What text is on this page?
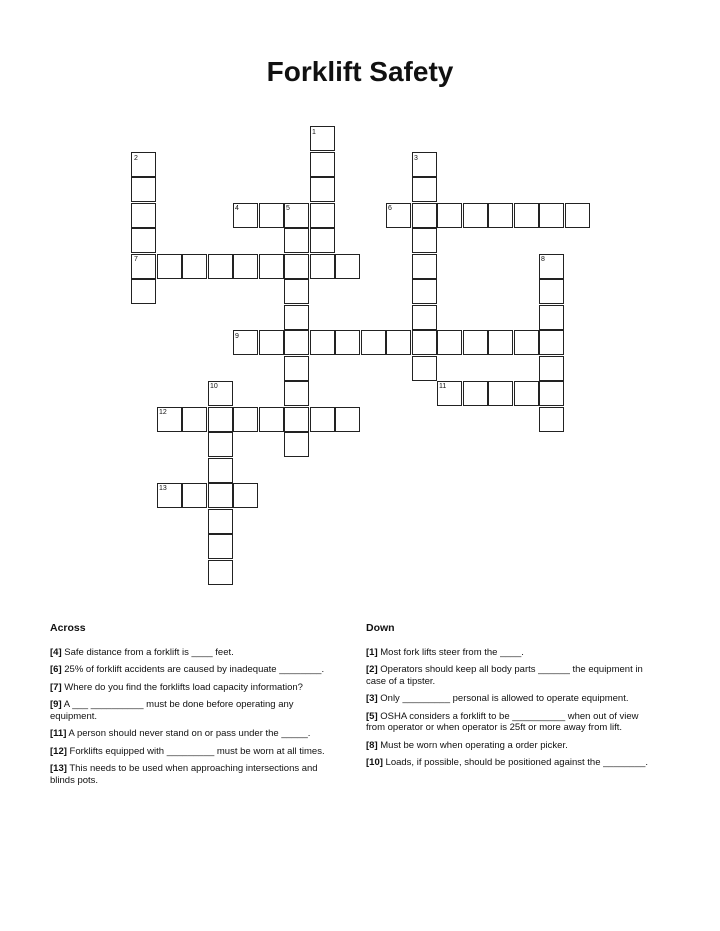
Forklift Safety
1
2	3
4	5	6
7	8
9
10	11
12
13
Across

[4] Safe distance from a forklift is ____ feet.

[6] 25% of forklift accidents are caused by inadequate ________.

[7] Where do you find the forklifts load capacity information?

[9] A ___ __________ must be done before operating any equipment.

[11] A person should never stand on or pass under the _____.

[12] Forklifts equipped with _________ must be worn at all times.

[13] This needs to be used when approaching intersections and blinds pots.

Down

[1] Most fork lifts steer from the ____.

[2] Operators should keep all body parts ______ the equipment in case of a tipster.

[3] Only _________ personal is allowed to operate equipment.

[5] OSHA considers a forklift to be __________ when out of view from operator or when operator is 25ft or more away from lift.

[8] Must be worn when operating a order picker.

[10] Loads, if possible, should be positioned against the ________.
